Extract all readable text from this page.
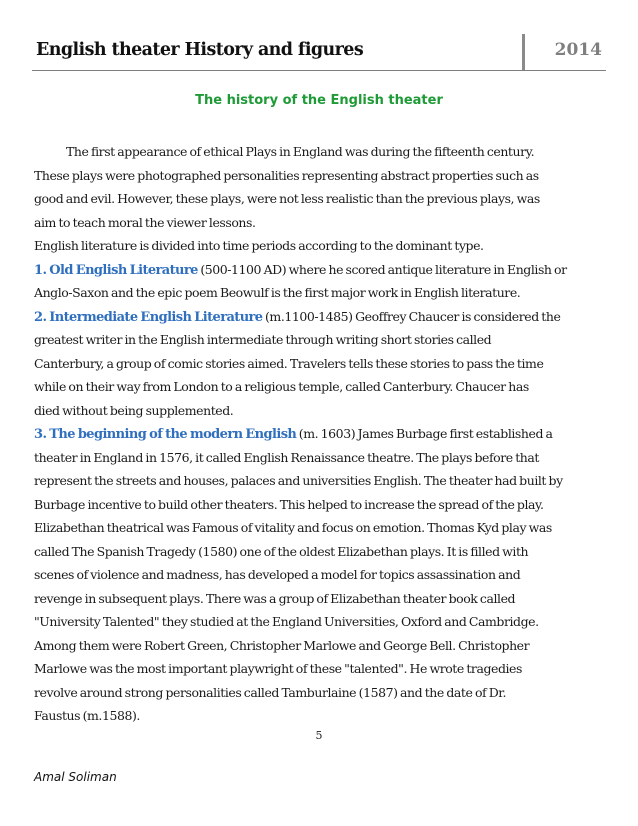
English theater History and figures	2014
The history of the English theater
The first appearance of ethical Plays in England was during the fifteenth century.
These plays were photographed personalities representing abstract properties such as
good and evil. However, these plays, were not less realistic than the previous plays, was
aim to teach moral the viewer lessons.
English literature is divided into time periods according to the dominant type.
1. Old English Literature (500-1100 AD) where he scored antique literature in English or
Anglo-Saxon and the epic poem Beowulf is the first major work in English literature.
2. Intermediate English Literature (m.1100-1485) Geoffrey Chaucer is considered the
greatest writer in the English intermediate through writing short stories called
Canterbury, a group of comic stories aimed. Travelers tells these stories to pass the time
while on their way from London to a religious temple, called Canterbury. Chaucer has
died without being supplemented.
3. The beginning of the modern English (m. 1603) James Burbage first established a
theater in England in 1576, it called English Renaissance theatre. The plays before that
represent the streets and houses, palaces and universities English. The theater had built by
Burbage incentive to build other theaters. This helped to increase the spread of the play.
Elizabethan theatrical was Famous of vitality and focus on emotion. Thomas Kyd play was
called The Spanish Tragedy (1580) one of the oldest Elizabethan plays. It is filled with
scenes of violence and madness, has developed a model for topics assassination and
revenge in subsequent plays. There was a group of Elizabethan theater book called
"University Talented" they studied at the England Universities, Oxford and Cambridge.
Among them were Robert Green, Christopher Marlowe and George Bell. Christopher
Marlowe was the most important playwright of these "talented". He wrote tragedies
revolve around strong personalities called Tamburlaine (1587) and the date of Dr.
Faustus (m.1588).
5
Amal Soliman
